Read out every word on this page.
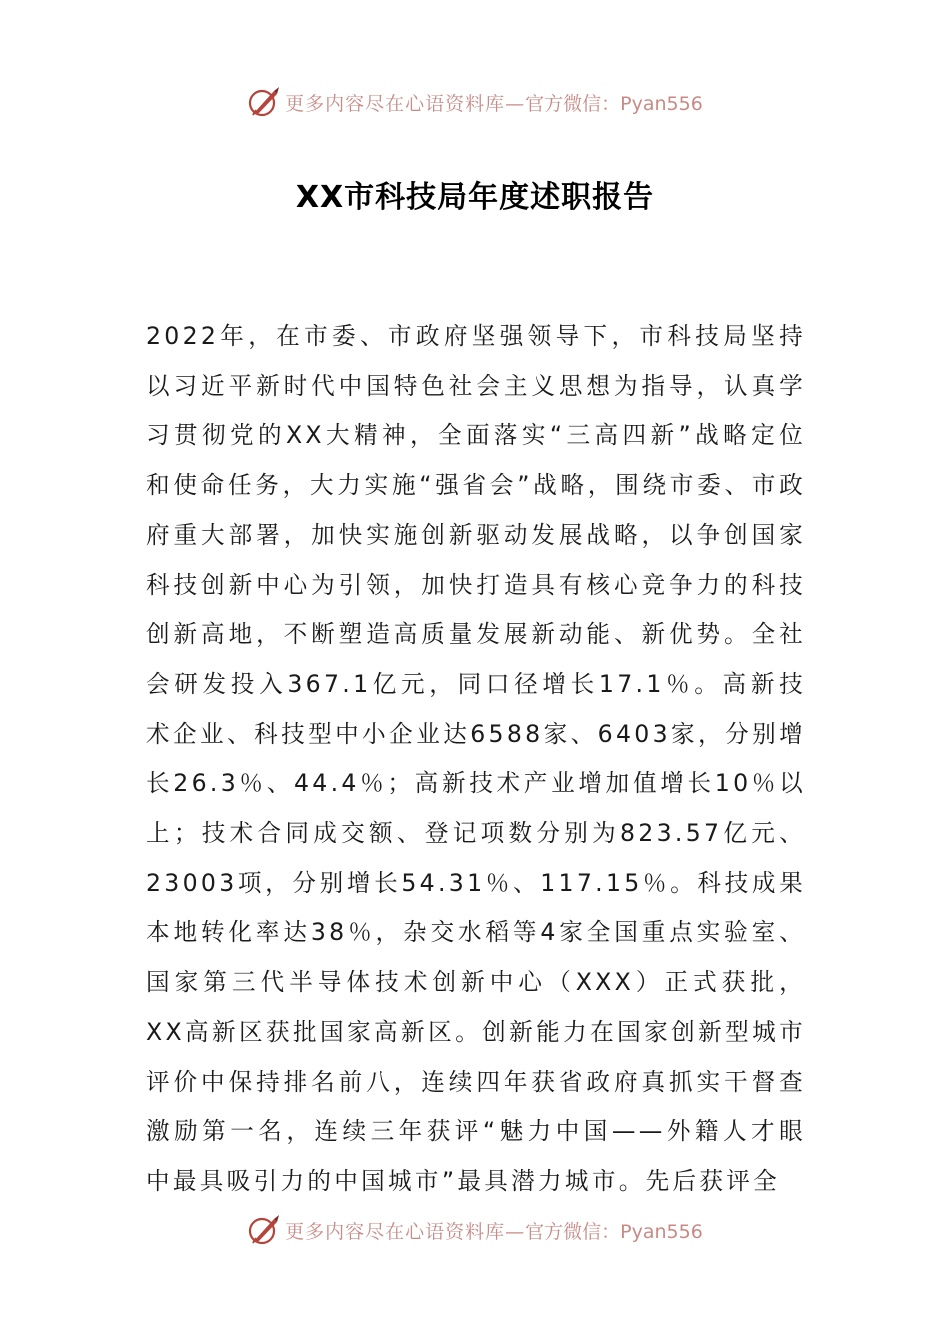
更多内容尽在心语资料库— 官方微信：Pyan556
XX市科技局年度述职报告

2022年，在市委、市政府坚强领导下，市科技局坚持以习近平新时代中国特色社会主义思想为指导，认真学习贯彻党的XX大精神，全面落实“三高四新”战略定位和使命任务，大力实施“强省会”战略，围绕市委、市政府重大部署，加快实施创新驱动发展战略，以争创国家科技创新中心为引领，加快打造具有核心竞争力的科技创新高地，不断塑造高质量发展新动能、新优势。全社会研发投入367.1亿元，同口径增长17.1％。高新技术企业、科技型中小企业达6588家、6403家，分别增长26.3％、44.4％；高新技术产业增加值增长10％以上；技术合同成交额、登记项数分别为823.57亿元、23003项，分别增长54.31％、117.15％。科技成果本地转化率达38％，杂交水稻等4家全国重点实验室、国家第三代半导体技术创新中心（XXX）正式获批，XX高新区获批国家高新区。创新能力在国家创新型城市评价中保持排名前八，连续四年获省政府真抓实干督查激励第一名，连续三年获评“魅力中国——外籍人才眼中最具吸引力的中国城市”最具潜力城市。先后获评全

更多内容尽在心语资料库— 官方微信：Pyan556
